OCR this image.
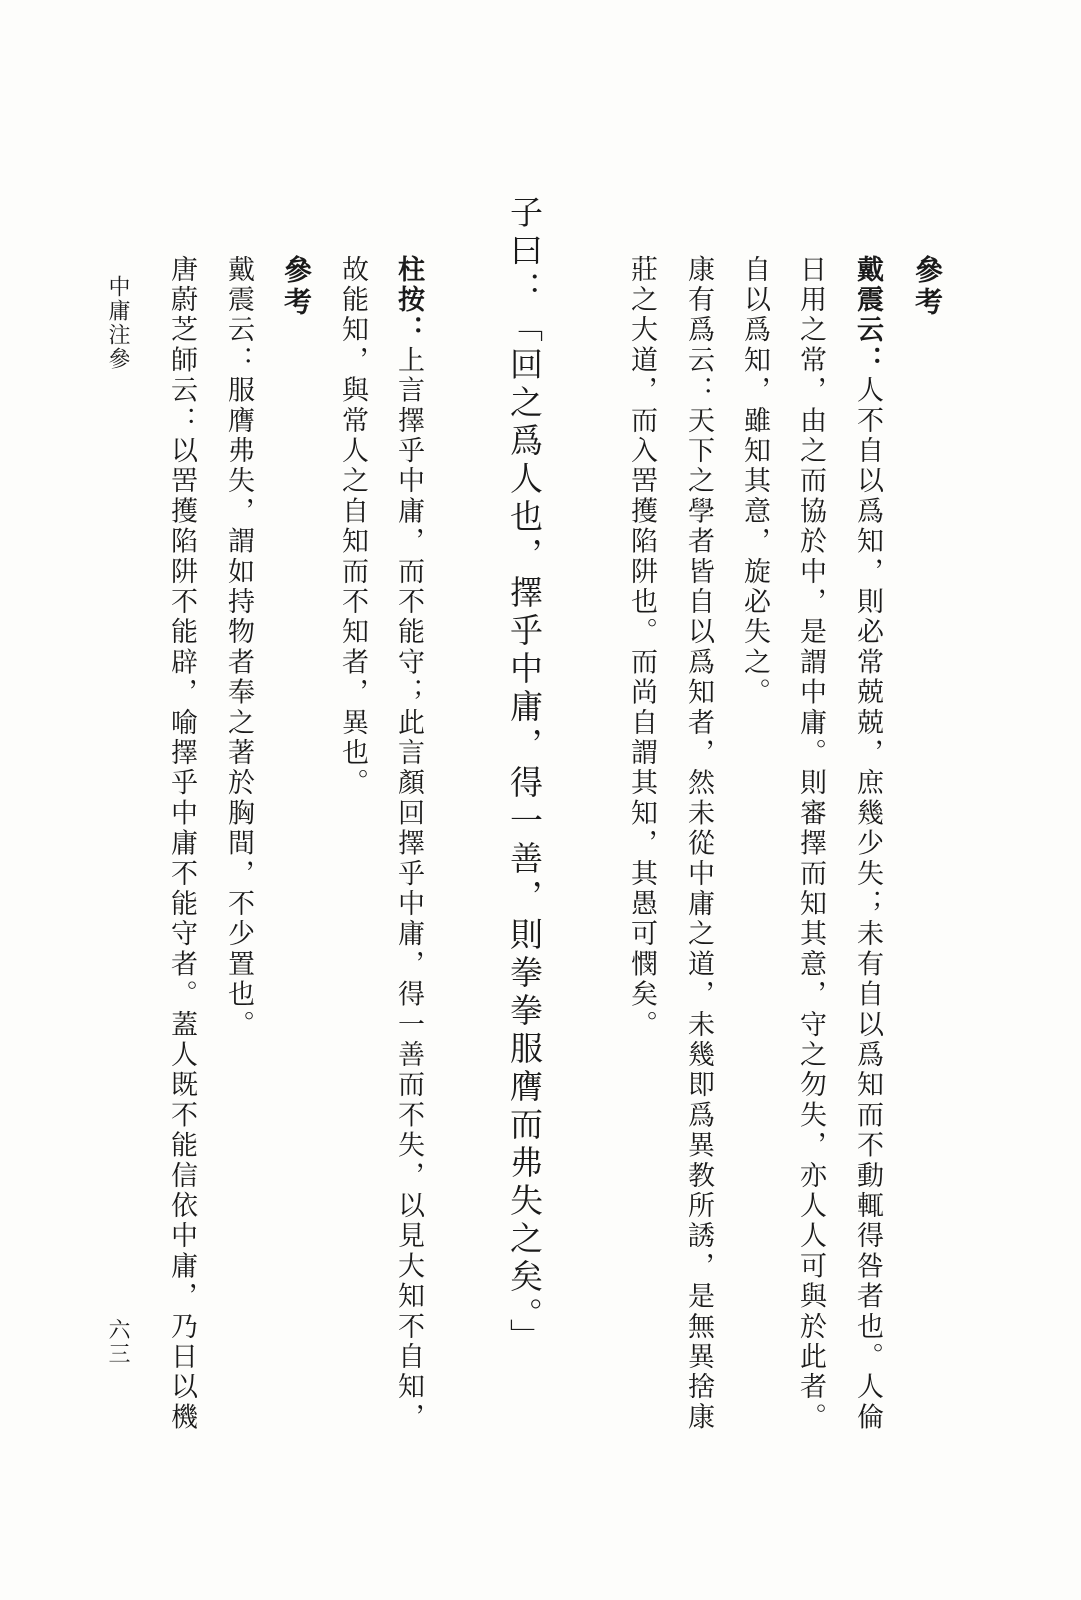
參考
戴震云：人不自以爲知，則必常兢兢，庶幾少失；未有自以爲知而不動輒得咎者也。人倫
日用之常，由之而協於中，是謂中庸。則審擇而知其意，守之勿失，亦人人可與於此者。
自以爲知，雖知其意，旋必失之。
康有爲云：天下之學者皆自以爲知者，然未從中庸之道，未幾即爲異教所誘，是無異捨康
莊之大道，而入罟擭陷阱也。而尚自謂其知，其愚可憫矣。
子曰：「回之爲人也，擇乎中庸，得一善，則拳拳服膺而弗失之矣。」
柱按：上言擇乎中庸，而不能守；此言顏回擇乎中庸，得一善而不失，以見大知不自知，
故能知，與常人之自知而不知者，異也。
參考
戴震云：服膺弗失，謂如持物者奉之著於胸間，不少置也。
唐蔚芝師云：以罟擭陷阱不能辟，喻擇乎中庸不能守者。蓋人既不能信依中庸，乃日以機
中庸注參
六三
